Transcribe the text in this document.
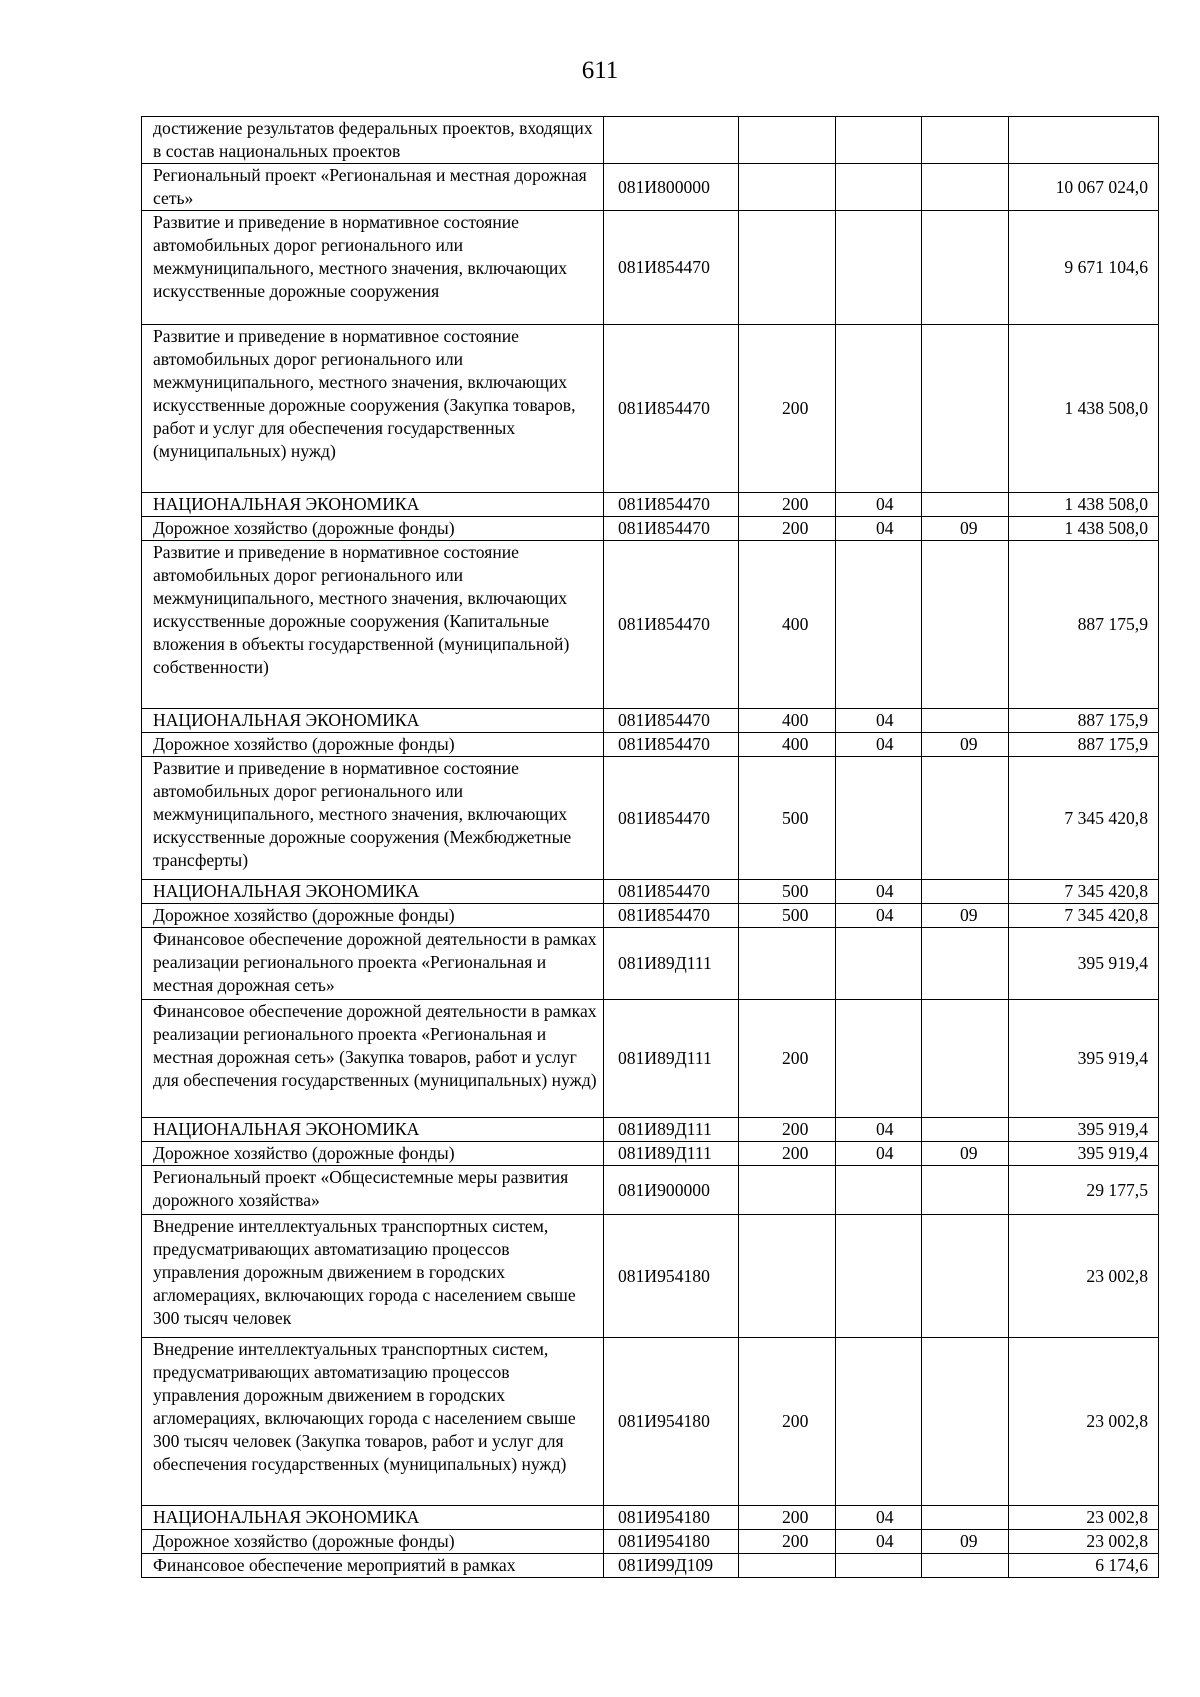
611
достижение результатов федеральных проектов, входящих в состав национальных проектов					
Региональный проект «Региональная и местная дорожная сеть»	081И800000				10 067 024,0
Развитие и приведение в нормативное состояние автомобильных дорог регионального или межмуниципального, местного значения, включающих искусственные дорожные сооружения	081И854470				9 671 104,6
Развитие и приведение в нормативное состояние автомобильных дорог регионального или межмуниципального, местного значения, включающих искусственные дорожные сооружения (Закупка товаров, работ и услуг для обеспечения государственных (муниципальных) нужд)	081И854470	200			1 438 508,0
НАЦИОНАЛЬНАЯ ЭКОНОМИКА	081И854470	200	04		1 438 508,0
Дорожное хозяйство (дорожные фонды)	081И854470	200	04	09	1 438 508,0
Развитие и приведение в нормативное состояние автомобильных дорог регионального или межмуниципального, местного значения, включающих искусственные дорожные сооружения (Капитальные вложения в объекты государственной (муниципальной) собственности)	081И854470	400			887 175,9
НАЦИОНАЛЬНАЯ ЭКОНОМИКА	081И854470	400	04		887 175,9
Дорожное хозяйство (дорожные фонды)	081И854470	400	04	09	887 175,9
Развитие и приведение в нормативное состояние автомобильных дорог регионального или межмуниципального, местного значения, включающих искусственные дорожные сооружения (Межбюджетные трансферты)	081И854470	500			7 345 420,8
НАЦИОНАЛЬНАЯ ЭКОНОМИКА	081И854470	500	04		7 345 420,8
Дорожное хозяйство (дорожные фонды)	081И854470	500	04	09	7 345 420,8
Финансовое обеспечение дорожной деятельности в рамках реализации регионального проекта «Региональная и местная дорожная сеть»	081И89Д111				395 919,4
Финансовое обеспечение дорожной деятельности в рамках реализации регионального проекта «Региональная и местная дорожная сеть» (Закупка товаров, работ и услуг для обеспечения государственных (муниципальных) нужд)	081И89Д111	200			395 919,4
НАЦИОНАЛЬНАЯ ЭКОНОМИКА	081И89Д111	200	04		395 919,4
Дорожное хозяйство (дорожные фонды)	081И89Д111	200	04	09	395 919,4
Региональный проект «Общесистемные меры развития дорожного хозяйства»	081И900000				29 177,5
Внедрение интеллектуальных транспортных систем, предусматривающих автоматизацию процессов управления дорожным движением в городских агломерациях, включающих города с населением свыше 300 тысяч человек	081И954180				23 002,8
Внедрение интеллектуальных транспортных систем, предусматривающих автоматизацию процессов управления дорожным движением в городских агломерациях, включающих города с населением свыше 300 тысяч человек (Закупка товаров, работ и услуг для обеспечения государственных (муниципальных) нужд)	081И954180	200			23 002,8
НАЦИОНАЛЬНАЯ ЭКОНОМИКА	081И954180	200	04		23 002,8
Дорожное хозяйство (дорожные фонды)	081И954180	200	04	09	23 002,8
Финансовое обеспечение мероприятий в рамках	081И99Д109				6 174,6
